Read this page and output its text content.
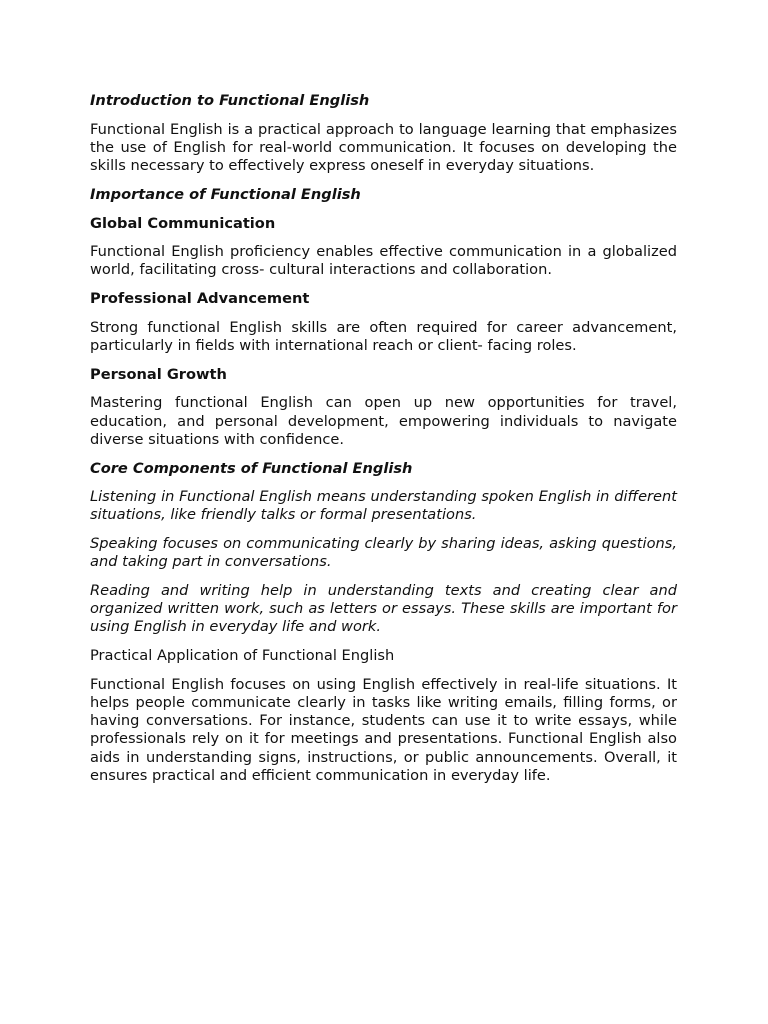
Introduction to Functional English

Functional English is a practical approach to language learning that emphasizes the use of English for real-world communication. It focuses on developing the skills necessary to effectively express oneself in everyday situations.

Importance of Functional English

Global Communication

Functional English proficiency enables effective communication in a globalized world, facilitating cross- cultural interactions and collaboration.

Professional Advancement

Strong functional English skills are often required for career advancement, particularly in fields with international reach or client- facing roles.

Personal Growth

Mastering functional English can open up new opportunities for travel, education, and personal development, empowering individuals to navigate diverse situations with confidence.

Core Components of Functional English

Listening in Functional English means understanding spoken English in different situations, like friendly talks or formal presentations.

Speaking focuses on communicating clearly by sharing ideas, asking questions, and taking part in conversations.

Reading and writing help in understanding texts and creating clear and organized written work, such as letters or essays. These skills are important for using English in everyday life and work.

Practical Application of Functional English

Functional English focuses on using English effectively in real-life situations. It helps people communicate clearly in tasks like writing emails, filling forms, or having conversations. For instance, students can use it to write essays, while professionals rely on it for meetings and presentations. Functional English also aids in understanding signs, instructions, or public announcements. Overall, it ensures practical and efficient communication in everyday life.
